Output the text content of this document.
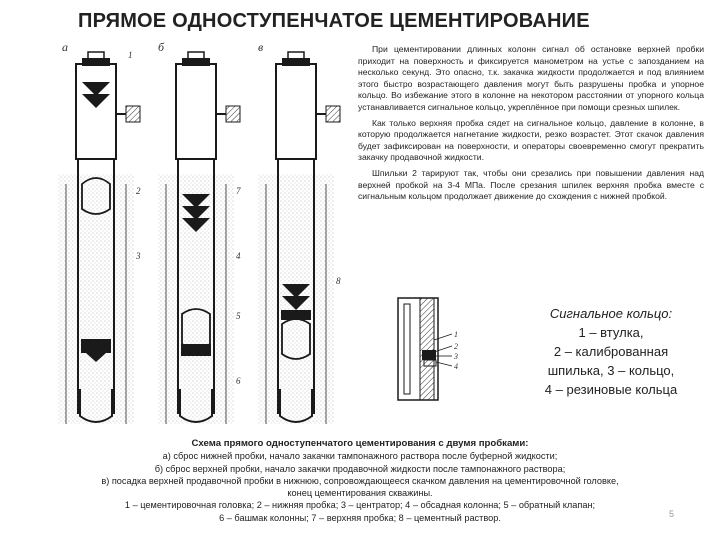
ПРЯМОЕ ОДНОСТУПЕНЧАТОЕ ЦЕМЕНТИРОВАНИЕ
а	б	в
1
2
3	4
5
6
7
8

При цементировании длинных колонн сигнал об остановке верхней пробки приходит на поверхность и фиксируется манометром на устье с запозданием на несколько секунд. Это опасно, т.к. закачка жидкости продолжается и под влиянием этого быстро возрастающего давления могут быть разрушены пробка и упорное кольцо. Во избежание этого в колонне на некотором расстоянии от упорного кольца устанавливается сигнальное кольцо, укреплённое при помощи срезных шпилек.

Как только верхняя пробка сядет на сигнальное кольцо, давление в колонне, в которую продолжается нагнетание жидкости, резко возрастет. Этот скачок давления будет зафиксирован на поверхности, и операторы своевременно смогут прекратить закачку продавочной жидкости.

Шпильки 2 тарируют так, чтобы они срезались при повышении давления над верхней пробкой на 3-4 МПа. После срезания шпилек верхняя пробка вместе с сигнальным кольцом продолжает движение до схождения с нижней пробкой.

1
2
3
4
Сигнальное кольцо:
1 – втулка,
2 – калиброванная
шпилька, 3 – кольцо,
4 – резиновые кольца
Схема прямого одноступенчатого цементирования с двумя пробками:
а) сброс нижней пробки, начало закачки тампонажного раствора после буферной жидкости;
б) сброс верхней пробки, начало закачки продавочной жидкости после тампонажного раствора;
в) посадка верхней продавочной пробки в нижнюю, сопровождающееся скачком давления на цементировочной головке,
конец цементирования скважины.
1 – цементировочная головка; 2 – нижняя пробка; 3 – центратор; 4 – обсадная колонна; 5 – обратный клапан;
6 – башмак колонны; 7 – верхняя пробка; 8 – цементный раствор.	5
